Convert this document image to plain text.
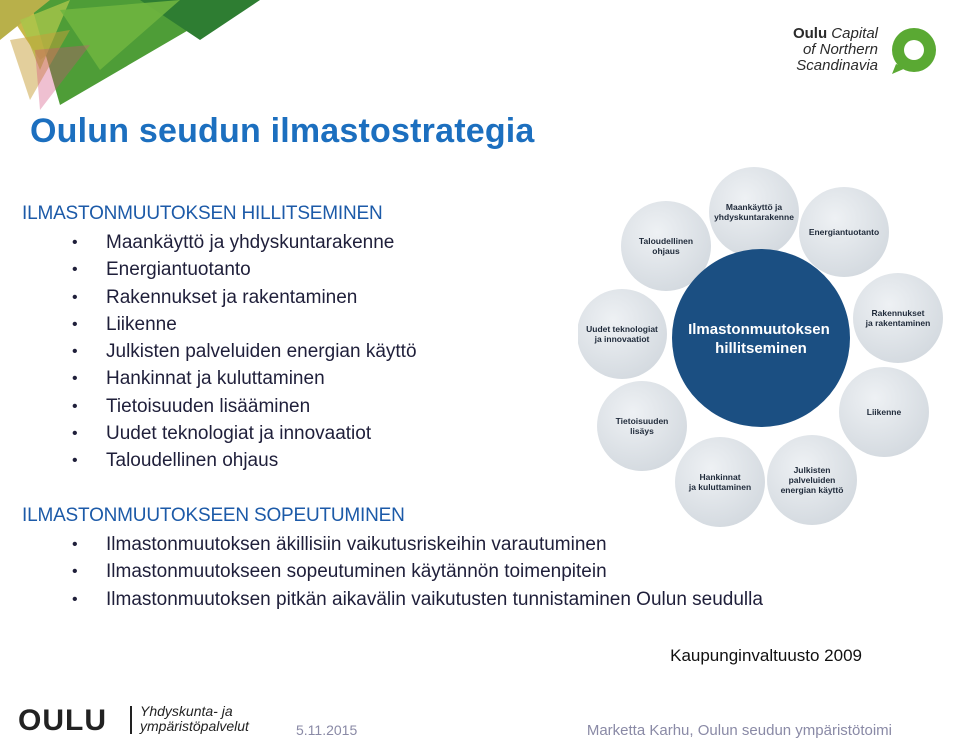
Oulu Capital
of Northern
Scandinavia
Oulun seudun ilmastostrategia
ILMASTONMUUTOKSEN HILLITSEMINEN
• Maankäyttö ja yhdyskuntarakenne
• Energiantuotanto
• Rakennukset ja rakentaminen
• Liikenne
• Julkisten palveluiden energian käyttö
• Hankinnat ja kuluttaminen
• Tietoisuuden lisääminen
• Uudet teknologiat ja innovaatiot
• Taloudellinen ohjaus
Maankäyttö ja yhdyskuntarakenne
Energiantuotanto
Rakennukset ja rakentaminen
Liikenne
Julkisten palveluiden energian käyttö
Hankinnat ja kuluttaminen
Tietoisuuden lisäys
Uudet teknologiat ja innovaatiot
Taloudellinen ohjaus
Ilmastonmuutoksen hillitseminen
ILMASTONMUUTOKSEEN SOPEUTUMINEN
• Ilmastonmuutoksen äkillisiin vaikutusriskeihin varautuminen
• Ilmastonmuutokseen sopeutuminen käytännön toimenpitein
• Ilmastonmuutoksen pitkän aikavälin vaikutusten tunnistaminen Oulun seudulla
Kaupunginvaltuusto 2009
OULU Yhdyskunta- ja
ympäristöpalvelut	5.11.2015	Marketta Karhu, Oulun seudun ympäristötoimi
